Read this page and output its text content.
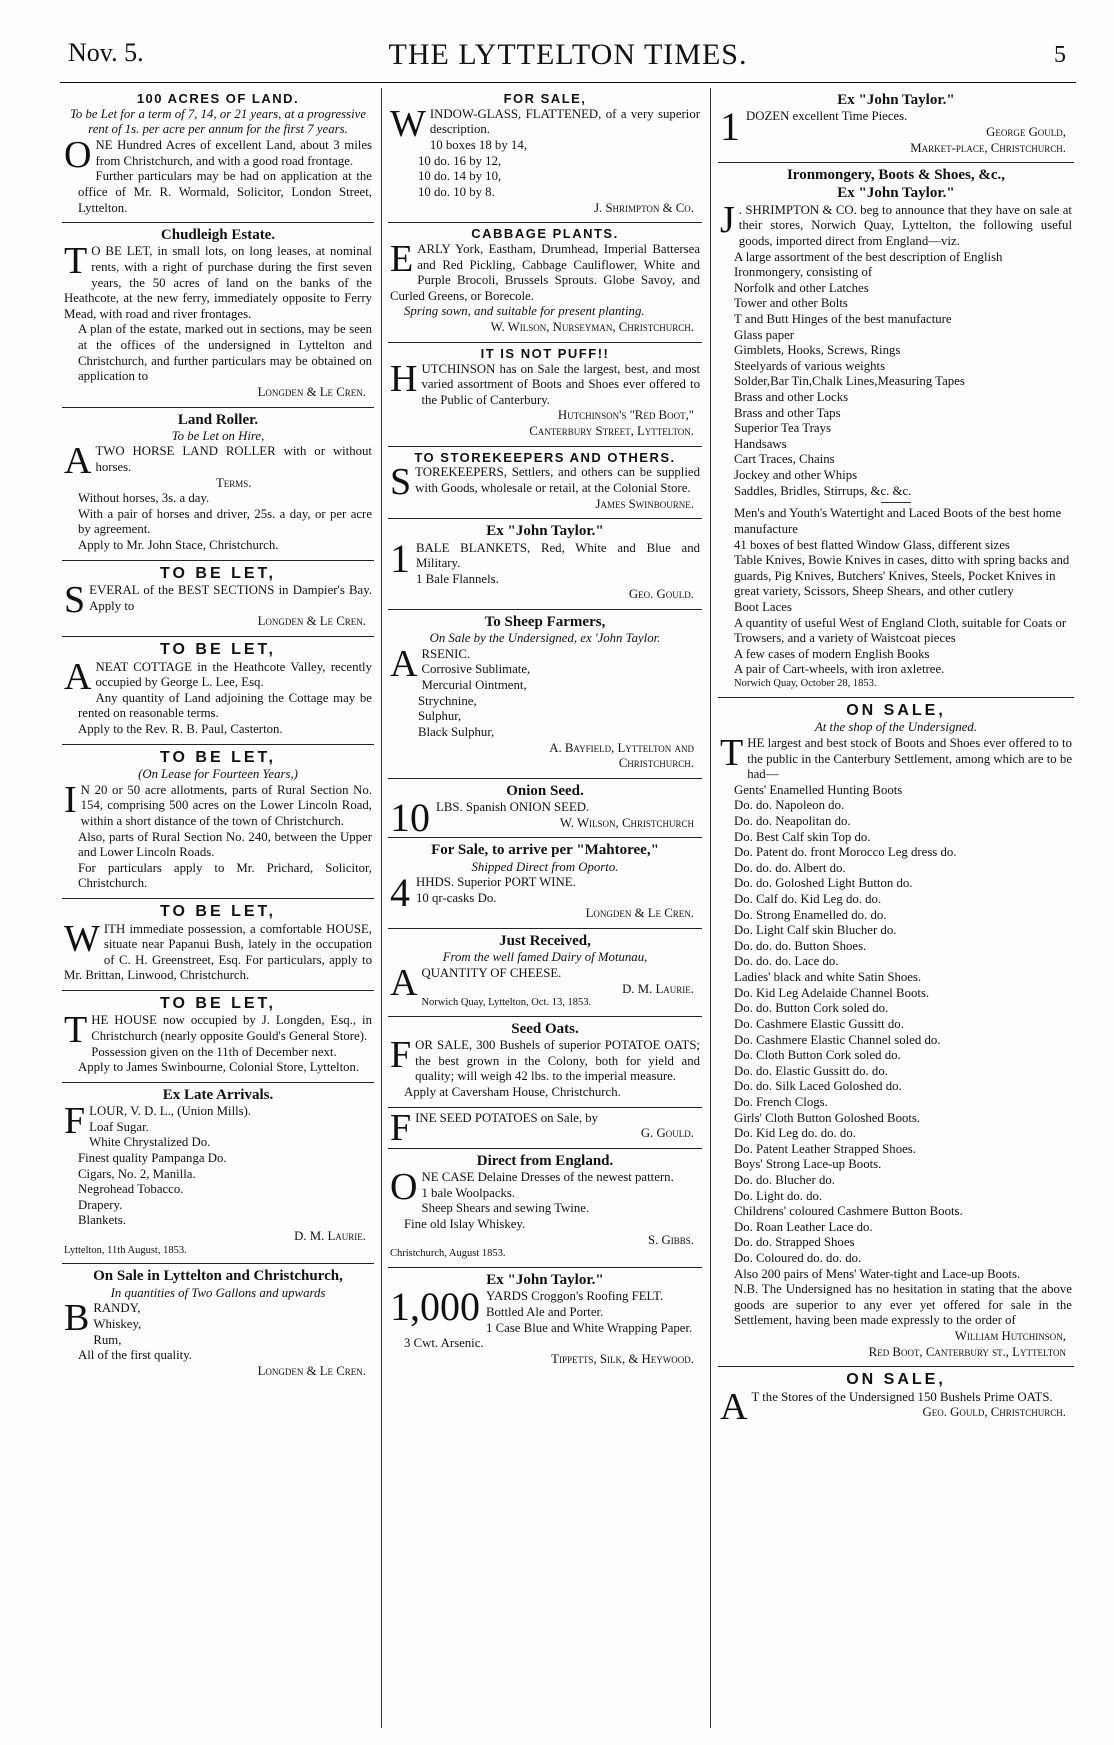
Nov. 5.	THE LYTTELTON TIMES.	5
100 ACRES OF LAND.

To be Let for a term of 7, 14, or 21 years, at a progressive rent of 1s. per acre per annum for the first 7 years.

ONE Hundred Acres of excellent Land, about 3 miles from Christchurch, and with a good road frontage.

Further particulars may be had on application at the office of Mr. R. Wormald, Solicitor, London Street, Lyttelton.

Chudleigh Estate.

T O BE LET, in small lots, on long leases, at nominal rents, with a right of purchase during the first seven years, the 50 acres of land on the banks of the Heathcote, at the new ferry, immediately opposite to Ferry Mead, with road and river frontages.

A plan of the estate, marked out in sections, may be seen at the offices of the undersigned in Lyttelton and Christchurch, and further particulars may be obtained on application to

Longden & Le Cren.
Land Roller.

To be Let on Hire,

ATWO HORSE LAND ROLLER with or without horses.

Terms.

Without horses, 3s. a day.

With a pair of horses and driver, 25s. a day, or per acre by agreement.

Apply to Mr. John Stace, Christchurch.

TO BE LET,

SEVERAL of the BEST SECTIONS in Dampier's Bay. Apply to

Longden & Le Cren.
TO BE LET,

ANEAT COTTAGE in the Heathcote Valley, recently occupied by George L. Lee, Esq.

Any quantity of Land adjoining the Cottage may be rented on reasonable terms.

Apply to the Rev. R. B. Paul, Casterton.

TO BE LET,

(On Lease for Fourteen Years,)

I N 20 or 50 acre allotments, parts of Rural Section No. 154, comprising 500 acres on the Lower Lincoln Road, within a short distance of the town of Christchurch.

Also, parts of Rural Section No. 240, between the Upper and Lower Lincoln Roads.

For particulars apply to Mr. Prichard, Solicitor, Christchurch.

TO BE LET,

WITH immediate possession, a comfortable HOUSE, situate near Papanui Bush, lately in the occupation of C. H. Greenstreet, Esq. For particulars, apply to Mr. Brittan, Linwood, Christchurch.

TO BE LET,

THE HOUSE now occupied by J. Longden, Esq., in Christchurch (nearly opposite Gould's General Store).

Possession given on the 11th of December next.

Apply to James Swinbourne, Colonial Store, Lyttelton.

Ex Late Arrivals.

FLOUR, V. D. L., (Union Mills).

Loaf Sugar.
White Chrystalized Do.
Finest quality Pampanga Do.
Cigars, No. 2, Manilla.
Negrohead Tobacco.
Drapery.
Blankets.
D. M. Laurie.
Lyttelton, 11th August, 1853.
On Sale in Lyttelton and Christchurch,

In quantities of Two Gallons and upwards

BRANDY,

Whiskey,
Rum,
All of the first quality.
Longden & Le Cren.
FOR SALE,

WINDOW-GLASS, FLATTENED, of a very superior description.

10 boxes 18 by 14,
10 do. 16 by 12,
10 do. 14 by 10,
10 do. 10 by 8.
J. Shrimpton & Co.
CABBAGE PLANTS.

EARLY York, Eastham, Drumhead, Imperial Battersea and Red Pickling, Cabbage Cauliflower, White and Purple Brocoli, Brussels Sprouts. Globe Savoy, and Curled Greens, or Borecole.

Spring sown, and suitable for present planting.

W. Wilson, Nurseyman, Christchurch.
IT IS NOT PUFF!!

HUTCHINSON has on Sale the largest, best, and most varied assortment of Boots and Shoes ever offered to the Public of Canterbury.

Hutchinson's "Red Boot,"
Canterbury Street, Lyttelton.
TO STOREKEEPERS AND OTHERS.

STOREKEEPERS, Settlers, and others can be supplied with Goods, wholesale or retail, at the Colonial Store.

James Swinbourne.
Ex "John Taylor."

1 BALE BLANKETS, Red, White and Blue and Military.

1 Bale Flannels.

Geo. Gould.
To Sheep Farmers,

On Sale by the Undersigned, ex 'John Taylor.

ARSENIC.

Corrosive Sublimate,
Mercurial Ointment,
Strychnine,
Sulphur,
Black Sulphur,
A. Bayfield, Lyttelton and
Christchurch.
Onion Seed.

10 LBS. Spanish ONION SEED.

W. Wilson, Christchurch
For Sale, to arrive per "Mahtoree,"

Shipped Direct from Oporto.

4 HHDS. Superior PORT WINE.

10 qr-casks Do.

Longden & Le Cren.
Just Received,

From the well famed Dairy of Motunau,

AQUANTITY OF CHEESE.

D. M. Laurie.
Norwich Quay, Lyttelton, Oct. 13, 1853.
Seed Oats.

FOR SALE, 300 Bushels of superior POTATOE OATS; the best grown in the Colony, both for yield and quality; will weigh 42 lbs. to the imperial measure.

Apply at Caversham House, Christchurch.

FINE SEED POTATOES on Sale, by

G. Gould.
Direct from England.

ONE CASE Delaine Dresses of the newest pattern.

1 bale Woolpacks.
Sheep Shears and sewing Twine.
Fine old Islay Whiskey.
S. Gibbs.
Christchurch, August 1853.
Ex "John Taylor."

1,000 YARDS Croggon's Roofing FELT.

Bottled Ale and Porter.
1 Case Blue and White Wrapping Paper.
3 Cwt. Arsenic.
Tippetts, Silk, & Heywood.
Ex "John Taylor."

1 DOZEN excellent Time Pieces.

George Gould,
Market-place, Christchurch.
Ironmongery, Boots & Shoes, &c.,
Ex "John Taylor."

J . SHRIMPTON & CO. beg to announce that they have on sale at their stores, Norwich Quay, Lyttelton, the following useful goods, imported direct from England—viz.

A large assortment of the best description of English Ironmongery, consisting of
Norfolk and other Latches
Tower and other Bolts
T and Butt Hinges of the best manufacture
Glass paper
Gimblets, Hooks, Screws, Rings
Steelyards of various weights
Solder,Bar Tin,Chalk Lines,Measuring Tapes
Brass and other Locks
Brass and other Taps
Superior Tea Trays
Handsaws
Cart Traces, Chains
Jockey and other Whips
Saddles, Bridles, Stirrups, &c. &c.
Men's and Youth's Watertight and Laced Boots of the best home manufacture
41 boxes of best flatted Window Glass, different sizes
Table Knives, Bowie Knives in cases, ditto with spring backs and guards, Pig Knives, Butchers' Knives, Steels, Pocket Knives in great variety, Scissors, Sheep Shears, and other cutlery
Boot Laces
A quantity of useful West of England Cloth, suitable for Coats or Trowsers, and a variety of Waistcoat pieces
A few cases of modern English Books
A pair of Cart-wheels, with iron axletree.
Norwich Quay, October 28, 1853.
ON SALE,

At the shop of the Undersigned.

THE largest and best stock of Boots and Shoes ever offered to to the public in the Canterbury Settlement, among which are to be had—

Gents' Enamelled Hunting Boots
Do. do. Napoleon do.
Do. do. Neapolitan do.
Do. Best Calf skin Top do.
Do. Patent do. front Morocco Leg dress do.
Do. do. do. Albert do.
Do. do. Goloshed Light Button do.
Do. Calf do. Kid Leg do. do.
Do. Strong Enamelled do. do.
Do. Light Calf skin Blucher do.
Do. do. do. Button Shoes.
Do. do. do. Lace do.
Ladies' black and white Satin Shoes.
Do. Kid Leg Adelaide Channel Boots.
Do. do. Button Cork soled do.
Do. Cashmere Elastic Gussitt do.
Do. Cashmere Elastic Channel soled do.
Do. Cloth Button Cork soled do.
Do. do. Elastic Gussitt do. do.
Do. do. Silk Laced Goloshed do.
Do. French Clogs.
Girls' Cloth Button Goloshed Boots.
Do. Kid Leg do. do. do.
Do. Patent Leather Strapped Shoes.
Boys' Strong Lace-up Boots.
Do. do. Blucher do.
Do. Light do. do.
Childrens' coloured Cashmere Button Boots.
Do. Roan Leather Lace do.
Do. do. Strapped Shoes
Do. Coloured do. do. do.
Also 200 pairs of Mens' Water-tight and Lace-up Boots.

N.B. The Undersigned has no hesitation in stating that the above goods are superior to any ever yet offered for sale in the Settlement, having been made expressly to the order of

William Hutchinson,
Red Boot, Canterbury st., Lyttelton
ON SALE,

A T the Stores of the Undersigned 150 Bushels Prime OATS.

Geo. Gould, Christchurch.
